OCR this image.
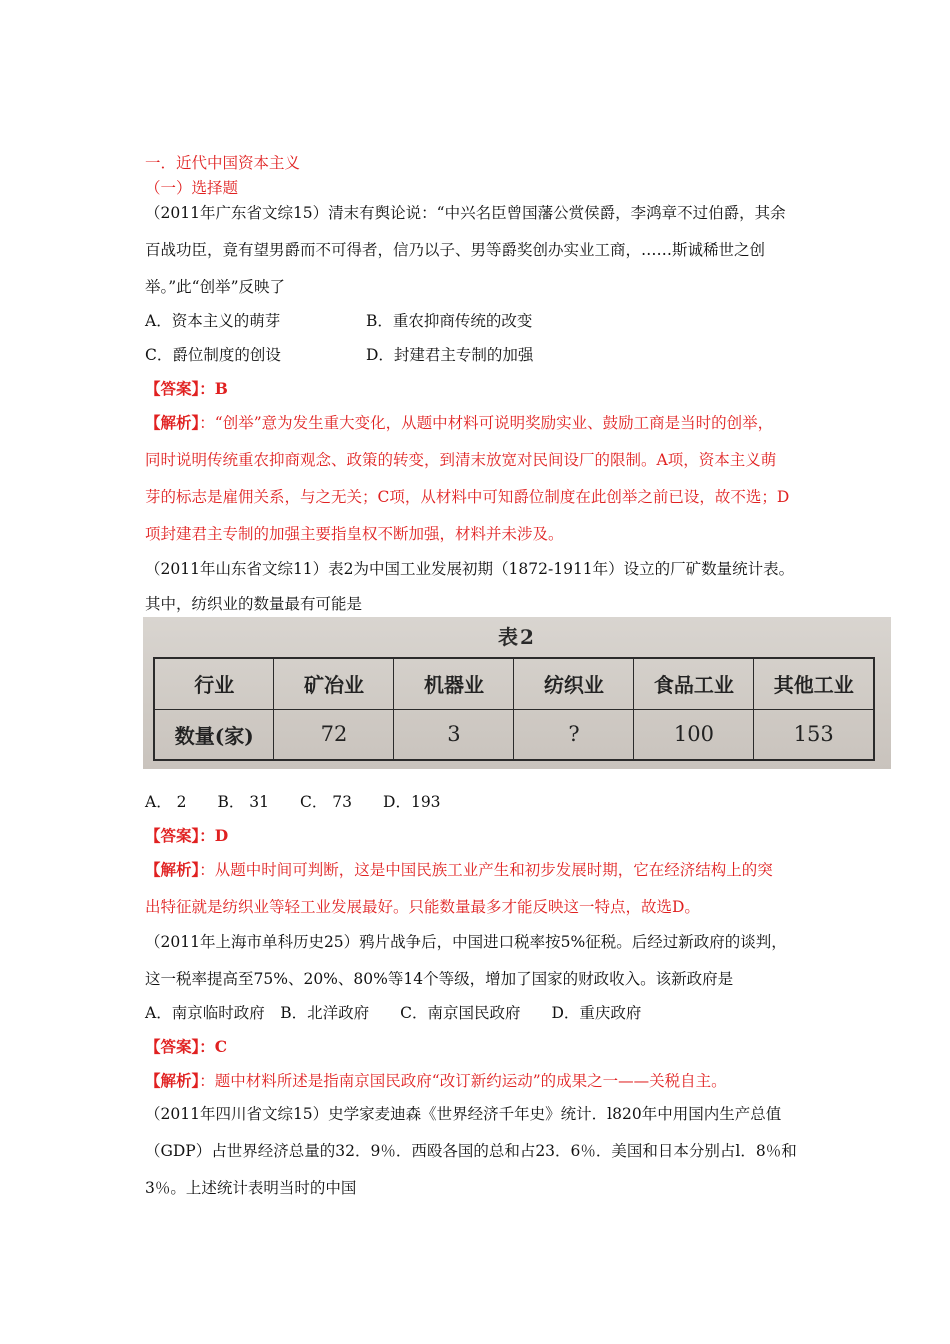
一．近代中国资本主义
（一）选择题
（2011年广东省文综15）清末有舆论说：“中兴名臣曾国藩公赏侯爵，李鸿章不过伯爵，其余
百战功臣，竟有望男爵而不可得者，信乃以子、男等爵奖创办实业工商，……斯诚稀世之创
举。”此“创举”反映了
A．资本主义的萌芽	B．重农抑商传统的改变
C．爵位制度的创设	D．封建君主专制的加强
【答案】：B
【解析】：“创举”意为发生重大变化，从题中材料可说明奖励实业、鼓励工商是当时的创举，
同时说明传统重农抑商观念、政策的转变，到清末放宽对民间设厂的限制。A项，资本主义萌
芽的标志是雇佣关系，与之无关；C项，从材料中可知爵位制度在此创举之前已设，故不选；D
项封建君主专制的加强主要指皇权不断加强，材料并未涉及。
（2011年山东省文综11）表2为中国工业发展初期（1872-1911年）设立的厂矿数量统计表。
其中，纺织业的数量最有可能是
表2
行业	矿冶业	机器业	纺织业	食品工业	其他工业
数量(家)	72	3	?	100	153
A． 2　　B． 31　　C． 73　　D．193
【答案】：D
【解析】：从题中时间可判断，这是中国民族工业产生和初步发展时期，它在经济结构上的突
出特征就是纺织业等轻工业发展最好。只能数量最多才能反映这一特点，故选D。
（2011年上海市单科历史25）鸦片战争后，中国进口税率按5%征税。后经过新政府的谈判，
这一税率提高至75%、20%、80%等14个等级，增加了国家的财政收入。该新政府是
A．南京临时政府　B．北洋政府　　C．南京国民政府　　D．重庆政府
【答案】：C
【解析】：题中材料所述是指南京国民政府“改订新约运动”的成果之一——关税自主。
（2011年四川省文综15）史学家麦迪森《世界经济千年史》统计．l820年中用国内生产总值
（GDP）占世界经济总量的32．9％．西殴各国的总和占23．6％．美国和日本分别占l．8％和
3％。上述统计表明当时的中国
